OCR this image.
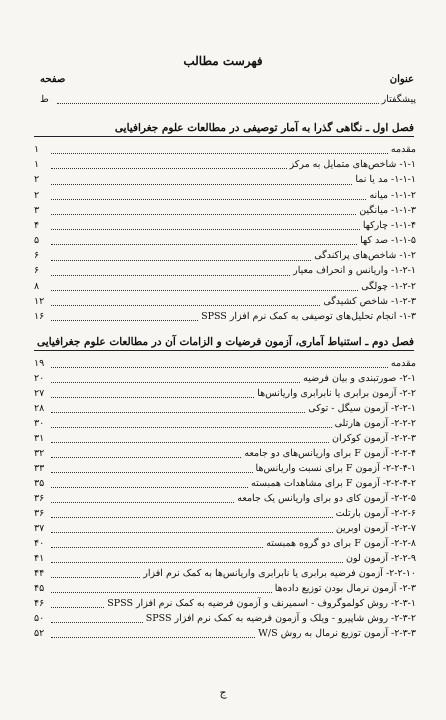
فهرست مطالب
عنوان
صفحه
پیشگفتار
ط
فصل اول ـ نگاهی گذرا به آمار توصیفی در مطالعات علوم جغرافیایی
مقدمه
۱
۱-۱- شاخص‌های متمایل به مرکز
۱
۱-۱-۱- مد یا نما
۲
۱-۱-۲- میانه
۲
۱-۱-۳- میانگین
۳
۱-۱-۴- چارکها
۴
۱-۱-۵- صد کها
۵
۱-۲- شاخص‌های پراکندگی
۶
۱-۲-۱- واریانس و انحراف معیار
۶
۱-۲-۲- چولگی
۸
۱-۲-۳- شاخص کشیدگی
۱۲
۱-۳- انجام تحلیل‌های توصیفی به کمک نرم افزار SPSS
۱۶
فصل دوم ـ استنباط آماری، آزمون فرضیات و الزامات آن در مطالعات علوم جغرافیایی
مقدمه
۱۹
۲-۱- صورتبندی و بیان فرضیه
۲۰
۲-۲- آزمون برابری یا نابرابری واریانس‌ها
۲۷
۲-۲-۱- آزمون سیگل - توکی
۲۸
۲-۲-۲- آزمون هارتلی
۳۰
۲-۲-۳- آزمون کوکران
۳۱
۲-۲-۴- آزمون F برای واریانس‌های دو جامعه
۳۲
۲-۲-۴-۱- آزمون F برای نسبت واریانس‌ها
۳۳
۲-۲-۴-۲- آزمون F برای مشاهدات همبسته
۳۵
۲-۲-۵- آزمون کای دو برای واریانس یک جامعه
۳۶
۲-۲-۶- آزمون بارتلت
۳۶
۲-۲-۷- آزمون اوبرین
۳۷
۲-۲-۸- آزمون F برای دو گروه همبسته
۴۰
۲-۲-۹- آزمون لون
۴۱
۲-۲-۱۰- آزمون فرضیه برابری یا نابرابری واریانس‌ها به کمک نرم افزار
۴۴
۲-۳- آزمون نرمال بودن توزیع داده‌ها
۴۵
۲-۳-۱- روش کولموگروف - اسمیرنف و آزمون فرضیه به کمک نرم افزار SPSS
۴۶
۲-۳-۲- روش شاپیرو - ویلک و آزمون فرضیه به کمک نرم افزار SPSS
۵۰
۲-۳-۳- آزمون توزیع نرمال به روش W/S
۵۲
ج
